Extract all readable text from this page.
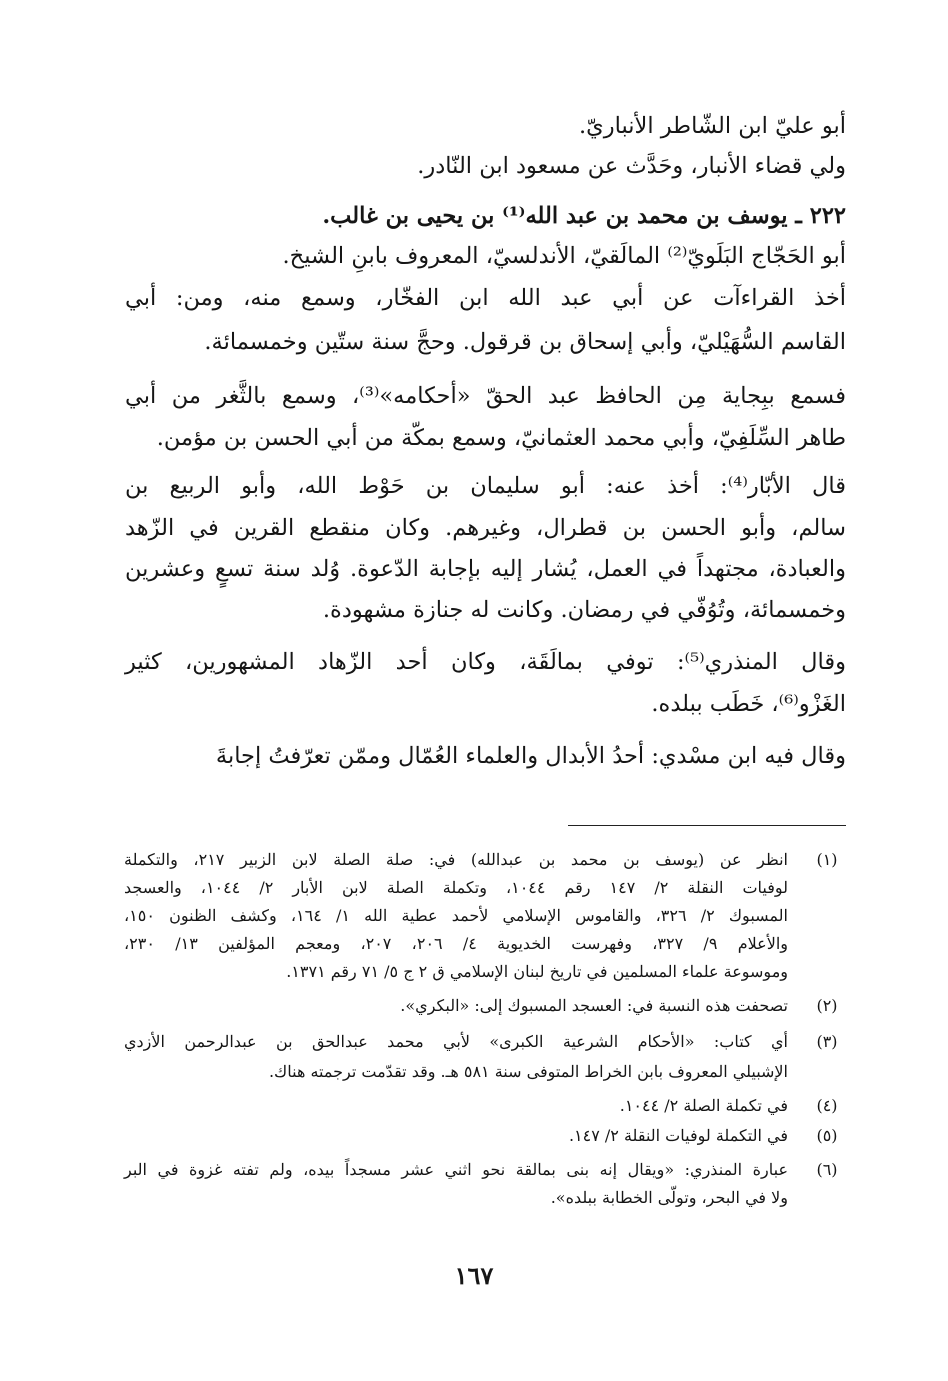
أبو عليّ ابن الشّاطر الأنباريّ.
ولي قضاء الأنبار، وحَدَّث عن مسعود ابن النّادر.
٢٢٢ ـ يوسف بن محمد بن عبد الله⁽¹⁾ بن يحيى بن غالب.
أبو الحَجّاج البَلَويّ⁽²⁾ المالَقيّ، الأندلسيّ، المعروف بابنِ الشيخ.
أخذ القراءآت عن أبي عبد الله ابن الفخّار، وسمع منه، ومن: أبي
القاسم السُّهَيْليّ، وأبي إسحاق بن قرقول. وحجَّ سنة ستّين وخمسمائة.
فسمع ببِجاية مِن الحافظ عبد الحقّ «أحكامه»⁽³⁾، وسمع بالثَّغر من أبي
طاهر السِّلَفِيّ، وأبي محمد العثمانيّ، وسمع بمكّة من أبي الحسن بن مؤمن.
قال الأبّار⁽⁴⁾: أخذ عنه: أبو سليمان بن حَوْط الله، وأبو الربيع بن
سالم، وأبو الحسن بن قطرال، وغيرهم. وكان منقطع القرين في الزّهد
والعبادة، مجتهداً في العمل، يُشار إليه بإجابة الدّعوة. وُلد سنة تسعٍ وعشرين
وخمسمائة، وتُوُفّي في رمضان. وكانت له جنازة مشهودة.
وقال المنذري⁽⁵⁾: توفي بمالَقَة، وكان أحد الزّهاد المشهورين، كثير
الغَزْو⁽⁶⁾، خَطَب ببلده.
وقال فيه ابن مسْدي: أحدُ الأبدال والعلماء العُمّال وممّن تعرّفتُ إجابةَ
(١)
انظر عن (يوسف بن محمد بن عبدالله) في: صلة الصلة لابن الزبير ٢١٧، والتكملة
لوفيات النقلة ٢/ ١٤٧ رقم ١٠٤٤، وتكملة الصلة لابن الأبار ٢/ ١٠٤٤، والعسجد
المسبوك ٢/ ٣٢٦، والقاموس الإسلامي لأحمد عطية الله ١/ ١٦٤، وكشف الظنون ١٥٠،
والأعلام ٩/ ٣٢٧، وفهرست الخديوية ٤/ ٢٠٦، ٢٠٧، ومعجم المؤلفين ١٣/ ٢٣٠،
وموسوعة علماء المسلمين في تاريخ لبنان الإسلامي ق ٢ ج ٥/ ٧١ رقم ١٣٧١.
(٢)
تصحفت هذه النسبة في: العسجد المسبوك إلى: «البكري».
(٣)
أي كتاب: «الأحكام الشرعية الكبرى» لأبي محمد عبدالحق بن عبدالرحمن الأزدي
الإشبيلي المعروف بابن الخراط المتوفى سنة ٥٨١ هـ. وقد تقدّمت ترجمته هناك.
(٤)
في تكملة الصلة ٢/ ١٠٤٤.
(٥)
في التكملة لوفيات النقلة ٢/ ١٤٧.
(٦)
عبارة المنذري: «ويقال إنه بنى بمالقة نحو اثني عشر مسجداً بيده، ولم تفته غزوة في البر
ولا في البحر، وتولّى الخطابة ببلده».
١٦٧
